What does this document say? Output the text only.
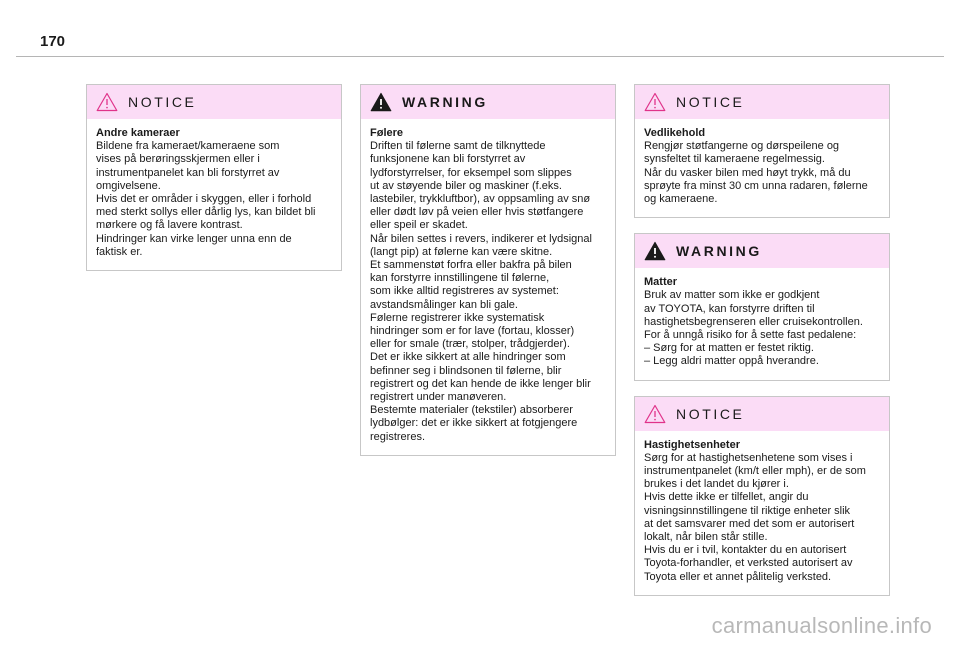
170
NOTICE
Andre kameraer
Bildene fra kameraet/kameraene som
vises på berøringsskjermen eller i
instrumentpanelet kan bli forstyrret av
omgivelsene.
Hvis det er områder i skyggen, eller i forhold
med sterkt sollys eller dårlig lys, kan bildet bli
mørkere og få lavere kontrast.
Hindringer kan virke lenger unna enn de
faktisk er.
WARNING
Følere
Driften til følerne samt de tilknyttede
funksjonene kan bli forstyrret av
lydforstyrrelser, for eksempel som slippes
ut av støyende biler og maskiner (f.eks.
lastebiler, trykkluftbor), av oppsamling av snø
eller dødt løv på veien eller hvis støtfangere
eller speil er skadet.
Når bilen settes i revers, indikerer et lydsignal
(langt pip) at følerne kan være skitne.
Et sammenstøt forfra eller bakfra på bilen
kan forstyrre innstillingene til følerne,
som ikke alltid registreres av systemet:
avstandsmålinger kan bli gale.
Følerne registrerer ikke systematisk
hindringer som er for lave (fortau, klosser)
eller for smale (trær, stolper, trådgjerder).
Det er ikke sikkert at alle hindringer som
befinner seg i blindsonen til følerne, blir
registrert og det kan hende de ikke lenger blir
registrert under manøveren.
Bestemte materialer (tekstiler) absorberer
lydbølger: det er ikke sikkert at fotgjengere
registreres.
NOTICE
Vedlikehold
Rengjør støtfangerne og dørspeilene og
synsfeltet til kameraene regelmessig.
Når du vasker bilen med høyt trykk, må du
sprøyte fra minst 30 cm unna radaren, følerne
og kameraene.
WARNING
Matter
Bruk av matter som ikke er godkjent
av TOYOTA, kan forstyrre driften til
hastighetsbegrenseren eller cruisekontrollen.
For å unngå risiko for å sette fast pedalene:
– Sørg for at matten er festet riktig.
– Legg aldri matter oppå hverandre.
NOTICE
Hastighetsenheter
Sørg for at hastighetsenhetene som vises i
instrumentpanelet (km/t eller mph), er de som
brukes i det landet du kjører i.
Hvis dette ikke er tilfellet, angir du
visningsinnstillingene til riktige enheter slik
at det samsvarer med det som er autorisert
lokalt, når bilen står stille.
Hvis du er i tvil, kontakter du en autorisert
Toyota-forhandler, et verksted autorisert av
Toyota eller et annet pålitelig verksted.
carmanualsonline.info
